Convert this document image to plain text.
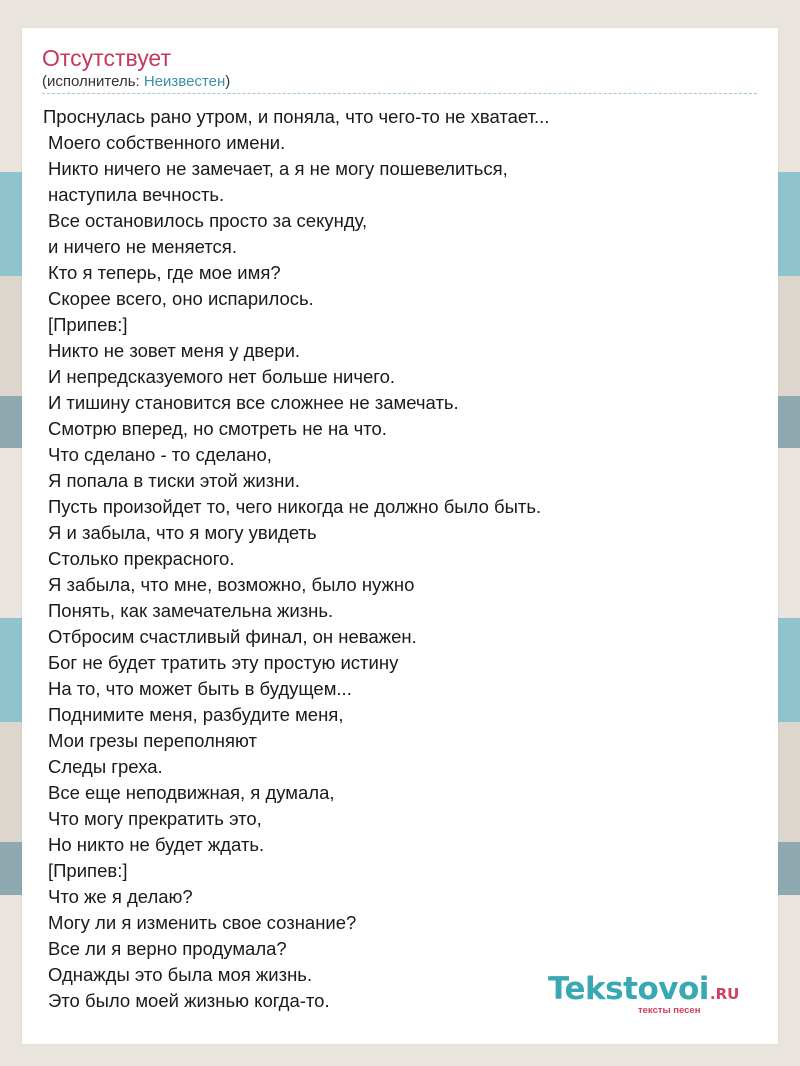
Отсутствует
(исполнитель: Неизвестен)
Проснулась рано утром, и поняла, что чего-то не хватает...
Моего собственного имени.
Никто ничего не замечает, а я не могу пошевелиться,
наступила вечность.
Все остановилось просто за секунду,
и ничего не меняется.
Кто я теперь, где мое имя?
Скорее всего, оно испарилось.
[Припев:]
Никто не зовет меня у двери.
И непредсказуемого нет больше ничего.
И тишину становится все сложнее не замечать.
Смотрю вперед, но смотреть не на что.
Что сделано - то сделано,
Я попала в тиски этой жизни.
Пусть произойдет то, чего никогда не должно было быть.
Я и забыла, что я могу увидеть
Столько прекрасного.
Я забыла, что мне, возможно, было нужно
Понять, как замечательна жизнь.
Отбросим счастливый финал, он неважен.
Бог не будет тратить эту простую истину
На то, что может быть в будущем...
Поднимите меня, разбудите меня,
Мои грезы переполняют
Следы греха.
Все еще неподвижная, я думала,
Что могу прекратить это,
Но никто не будет ждать.
[Припев:]
Что же я делаю?
Могу ли я изменить свое сознание?
Все ли я верно продумала?
Однажды это была моя жизнь.
Это было моей жизнью когда-то.	Tekstovoi.RU
тексты песен
